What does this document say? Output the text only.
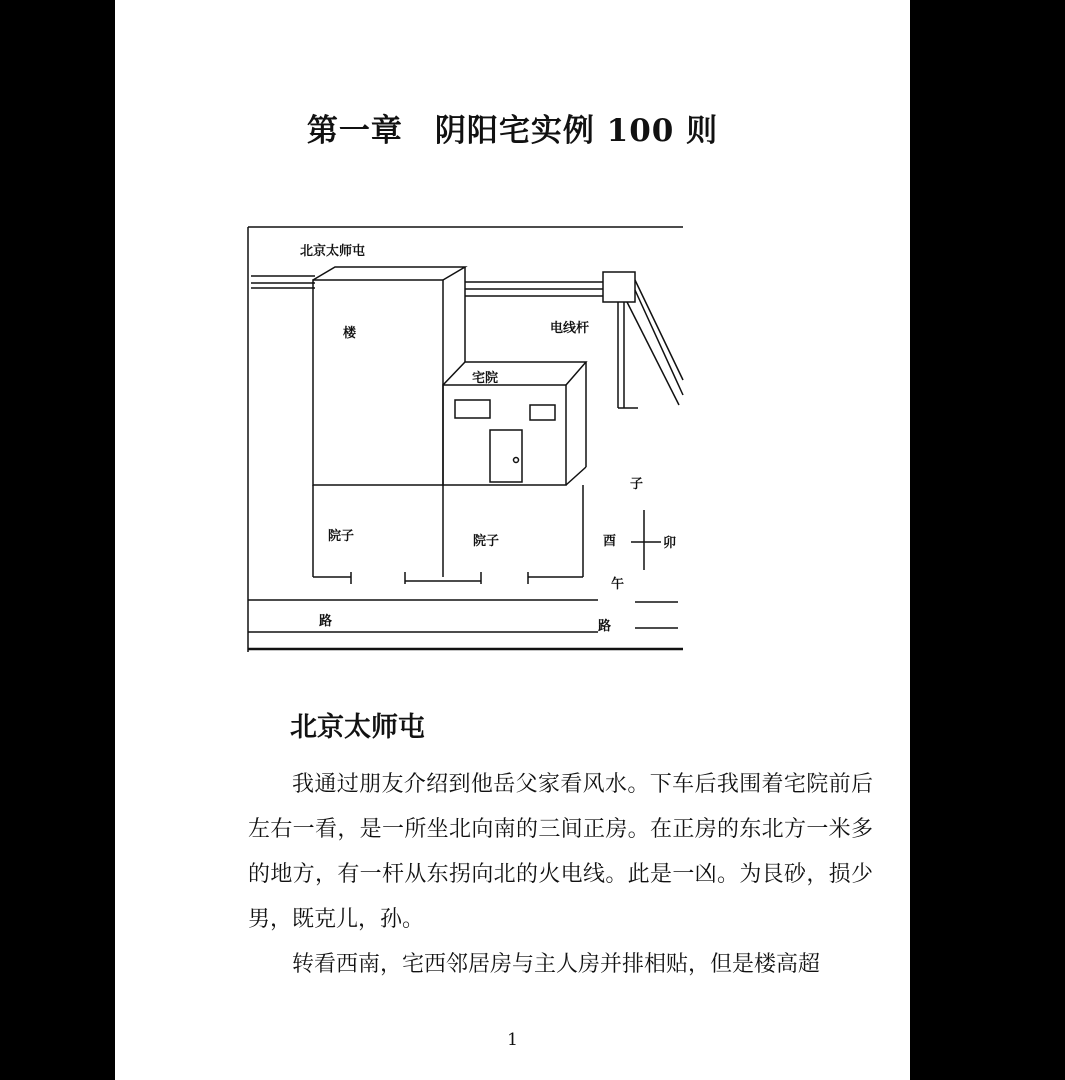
第一章　阴阳宅实例 100 则
北京太师屯
楼
宅院
电线杆
院子	院子
子
酉	卯
午
路	路
北京太师屯

我通过朋友介绍到他岳父家看风水。下车后我围着宅院前后左右一看，是一所坐北向南的三间正房。在正房的东北方一米多的地方，有一杆从东拐向北的火电线。此是一凶。为艮砂，损少男，既克儿，孙。

转看西南，宅西邻居房与主人房并排相贴，但是楼高超

1
